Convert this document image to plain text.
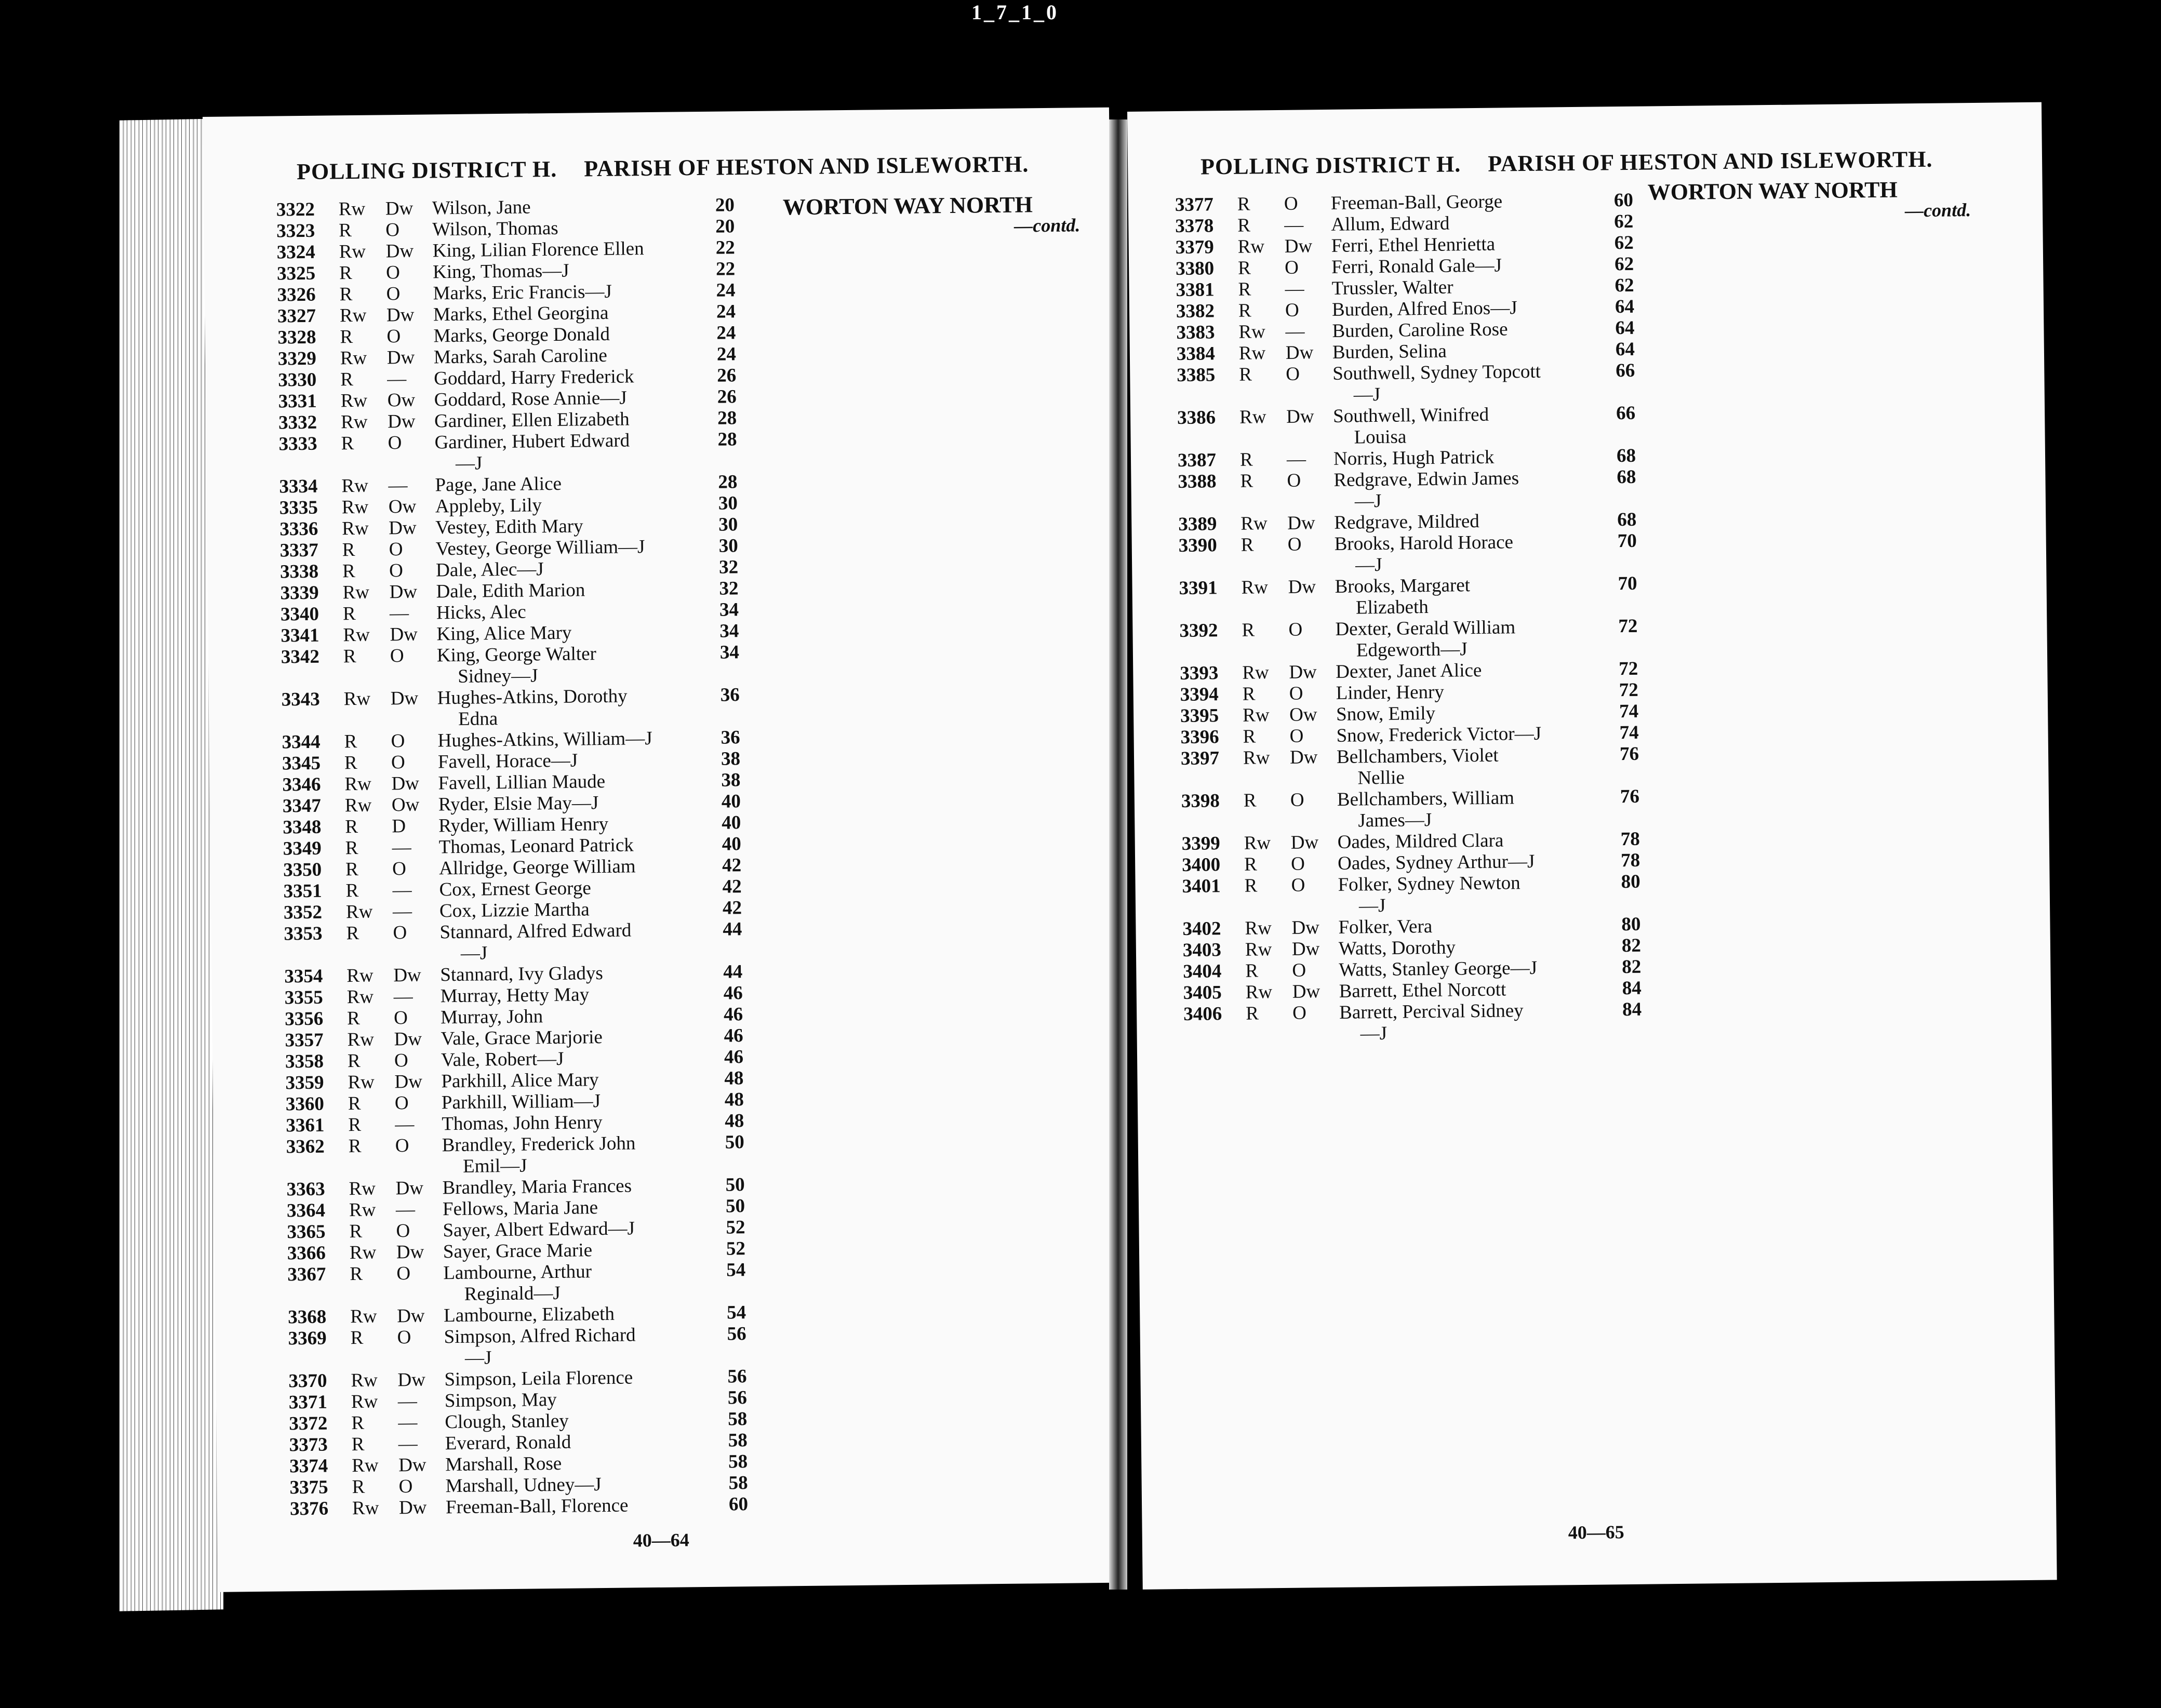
1_7_1_0
POLLING DISTRICT H. PARISH OF HESTON AND ISLEWORTH.
WORTON WAY NORTH
—contd.
3322 Rw Dw Wilson, Jane	20
3323 R O Wilson, Thomas	20
3324 Rw Dw King, Lilian Florence Ellen	22
3325 R O King, Thomas—J	22
3326 R O Marks, Eric Francis—J	24
3327 Rw Dw Marks, Ethel Georgina	24
3328 R O Marks, George Donald	24
3329 Rw Dw Marks, Sarah Caroline	24
3330 R — Goddard, Harry Frederick	26
3331 Rw Ow Goddard, Rose Annie—J	26
3332 Rw Dw Gardiner, Ellen Elizabeth	28
3333 R O Gardiner, Hubert Edward	28
—J
3334 Rw — Page, Jane Alice	28
3335 Rw Ow Appleby, Lily	30
3336 Rw Dw Vestey, Edith Mary	30
3337 R O Vestey, George William—J	30
3338 R O Dale, Alec—J	32
3339 Rw Dw Dale, Edith Marion	32
3340 R — Hicks, Alec	34
3341 Rw Dw King, Alice Mary	34
3342 R O King, George Walter	34
Sidney—J
3343 Rw Dw Hughes-Atkins, Dorothy	36
Edna
3344 R O Hughes-Atkins, William—J	36
3345 R O Favell, Horace—J	38
3346 Rw Dw Favell, Lillian Maude	38
3347 Rw Ow Ryder, Elsie May—J	40
3348 R D Ryder, William Henry	40
3349 R — Thomas, Leonard Patrick	40
3350 R O Allridge, George William	42
3351 R — Cox, Ernest George	42
3352 Rw — Cox, Lizzie Martha	42
3353 R O Stannard, Alfred Edward	44
—J
3354 Rw Dw Stannard, Ivy Gladys	44
3355 Rw — Murray, Hetty May	46
3356 R O Murray, John	46
3357 Rw Dw Vale, Grace Marjorie	46
3358 R O Vale, Robert—J	46
3359 Rw Dw Parkhill, Alice Mary	48
3360 R O Parkhill, William—J	48
3361 R — Thomas, John Henry	48
3362 R O Brandley, Frederick John	50
Emil—J
3363 Rw Dw Brandley, Maria Frances	50
3364 Rw — Fellows, Maria Jane	50
3365 R O Sayer, Albert Edward—J	52
3366 Rw Dw Sayer, Grace Marie	52
3367 R O Lambourne, Arthur	54
Reginald—J
3368 Rw Dw Lambourne, Elizabeth	54
3369 R O Simpson, Alfred Richard	56
—J
3370 Rw Dw Simpson, Leila Florence	56
3371 Rw — Simpson, May	56
3372 R — Clough, Stanley	58
3373 R — Everard, Ronald	58
3374 Rw Dw Marshall, Rose	58
3375 R O Marshall, Udney—J	58
3376 Rw Dw Freeman-Ball, Florence	60
40—64
POLLING DISTRICT H. PARISH OF HESTON AND ISLEWORTH.
WORTON WAY NORTH
—contd.
3377 R O Freeman-Ball, George	60
3378 R — Allum, Edward	62
3379 Rw Dw Ferri, Ethel Henrietta	62
3380 R O Ferri, Ronald Gale—J	62
3381 R — Trussler, Walter	62
3382 R O Burden, Alfred Enos—J	64
3383 Rw — Burden, Caroline Rose	64
3384 Rw Dw Burden, Selina	64
3385 R O Southwell, Sydney Topcott	66
—J
3386 Rw Dw Southwell, Winifred	66
Louisa
3387 R — Norris, Hugh Patrick	68
3388 R O Redgrave, Edwin James	68
—J
3389 Rw Dw Redgrave, Mildred	68
3390 R O Brooks, Harold Horace	70
—J
3391 Rw Dw Brooks, Margaret	70
Elizabeth
3392 R O Dexter, Gerald William	72
Edgeworth—J
3393 Rw Dw Dexter, Janet Alice	72
3394 R O Linder, Henry	72
3395 Rw Ow Snow, Emily	74
3396 R O Snow, Frederick Victor—J	74
3397 Rw Dw Bellchambers, Violet	76
Nellie
3398 R O Bellchambers, William	76
James—J
3399 Rw Dw Oades, Mildred Clara	78
3400 R O Oades, Sydney Arthur—J	78
3401 R O Folker, Sydney Newton	80
—J
3402 Rw Dw Folker, Vera	80
3403 Rw Dw Watts, Dorothy	82
3404 R O Watts, Stanley George—J	82
3405 Rw Dw Barrett, Ethel Norcott	84
3406 R O Barrett, Percival Sidney	84
—J
40—65
